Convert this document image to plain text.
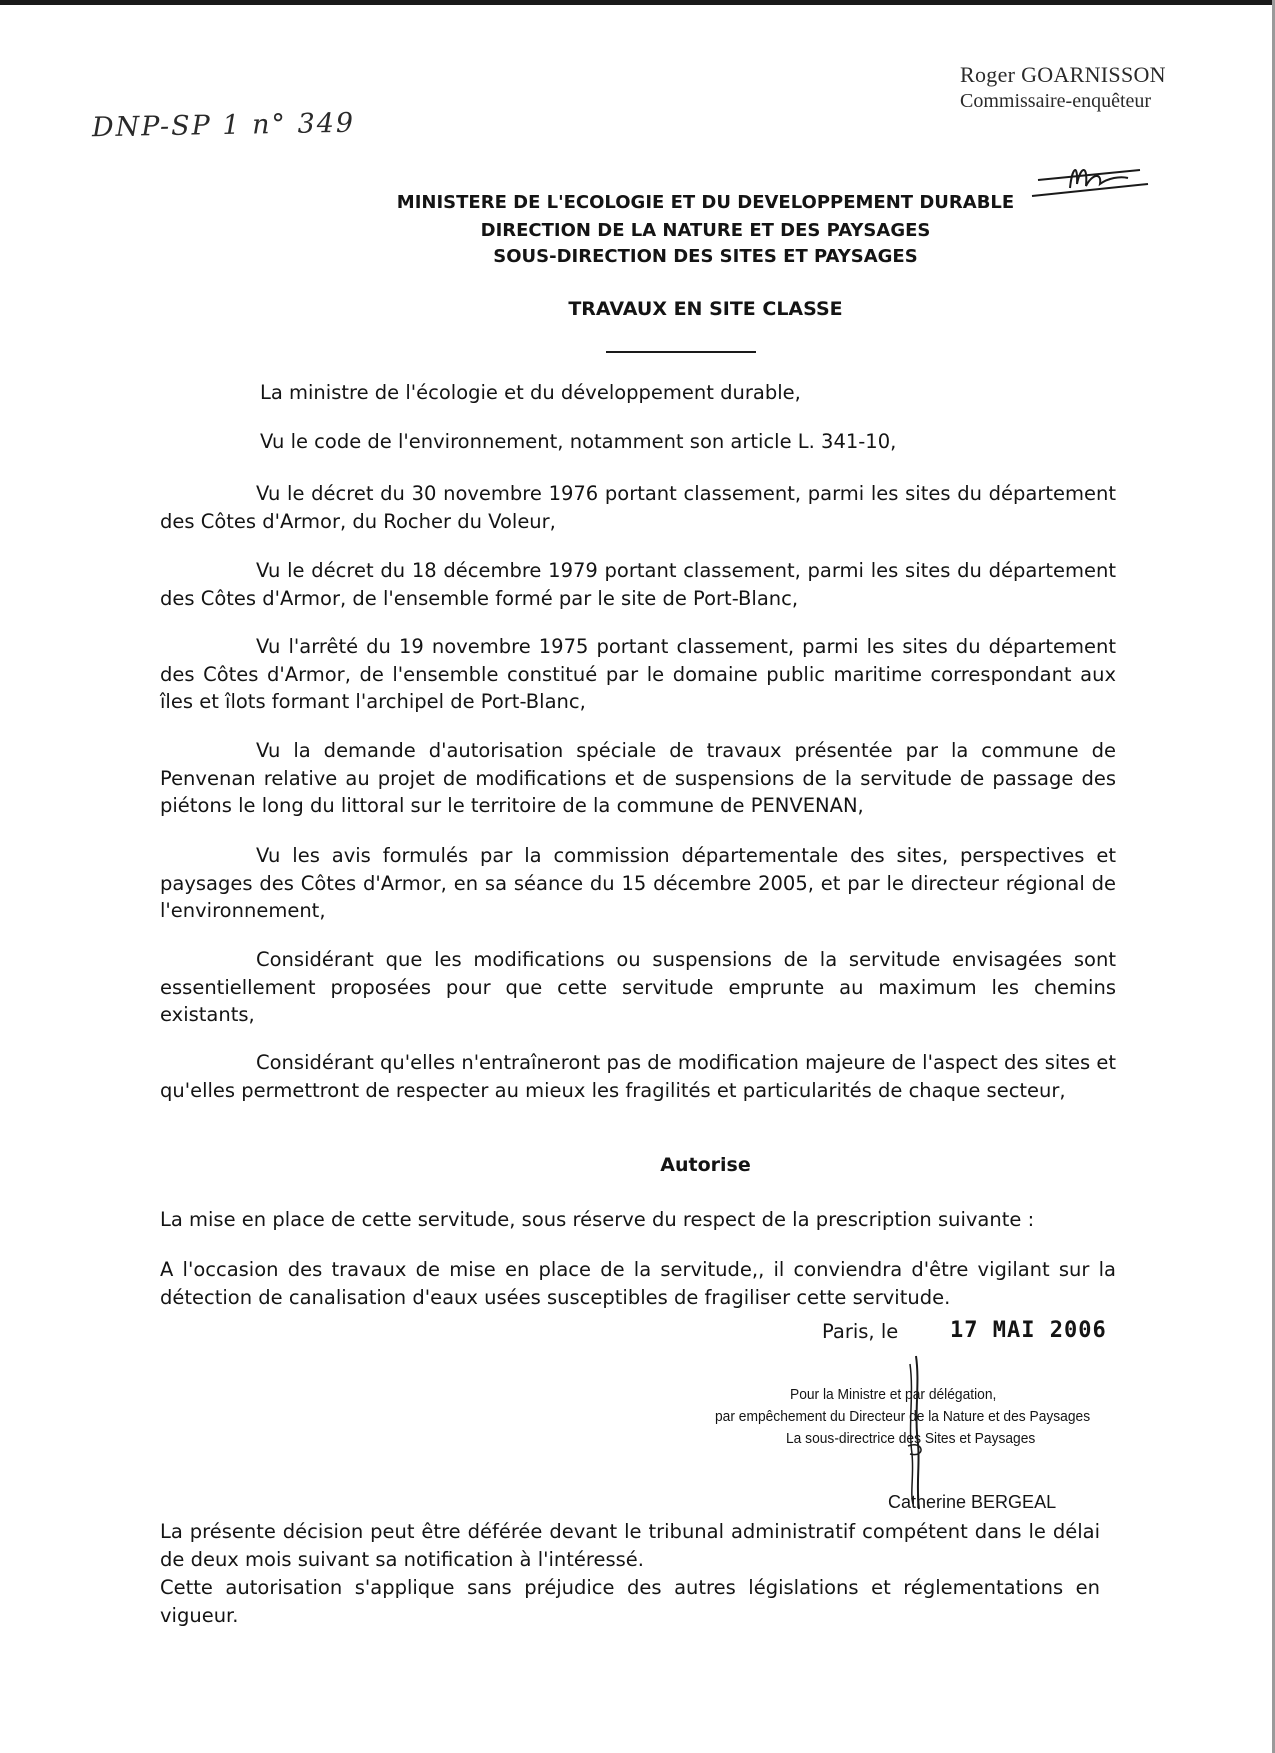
DNP-SP 1 n° 349
Roger GOARNISSON
Commissaire-enquêteur
MINISTERE DE L'ECOLOGIE ET DU DEVELOPPEMENT DURABLE
DIRECTION DE LA NATURE ET DES PAYSAGES
SOUS-DIRECTION DES SITES ET PAYSAGES
TRAVAUX EN SITE CLASSE
La ministre de l'écologie et du développement durable,
Vu le code de l'environnement, notamment son article L. 341-10,
Vu le décret du 30 novembre 1976 portant classement, parmi les sites du département des Côtes d'Armor, du Rocher du Voleur,
Vu le décret du 18 décembre 1979 portant classement, parmi les sites du département des Côtes d'Armor, de l'ensemble formé par le site de Port-Blanc,
Vu l'arrêté du 19 novembre 1975 portant classement, parmi les sites du département des Côtes d'Armor, de l'ensemble constitué par le domaine public maritime correspondant aux îles et îlots formant l'archipel de Port-Blanc,
Vu la demande d'autorisation spéciale de travaux présentée par la commune de Penvenan relative au projet de modifications et de suspensions de la servitude de passage des piétons le long du littoral sur le territoire de la commune de PENVENAN,
Vu les avis formulés par la commission départementale des sites, perspectives et paysages des Côtes d'Armor, en sa séance du 15 décembre 2005, et par le directeur régional de l'environnement,
Considérant que les modifications ou suspensions de la servitude envisagées sont essentiellement proposées pour que cette servitude emprunte au maximum les chemins existants,
Considérant qu'elles n'entraîneront pas de modification majeure de l'aspect des sites et qu'elles permettront de respecter au mieux les fragilités et particularités de chaque secteur,
Autorise
La mise en place de cette servitude, sous réserve du respect de la prescription suivante :
A l'occasion des travaux de mise en place de la servitude,, il conviendra d'être vigilant sur la détection de canalisation d'eaux usées susceptibles de fragiliser cette servitude.
Paris, le 17 MAI 2006
Pour la Ministre et par délégation,
par empêchement du Directeur de la Nature et des Paysages
La sous-directrice des Sites et Paysages
Catherine BERGEAL
La présente décision peut être déférée devant le tribunal administratif compétent dans le délai de deux mois suivant sa notification à l'intéressé.
Cette autorisation s'applique sans préjudice des autres législations et réglementations en vigueur.
